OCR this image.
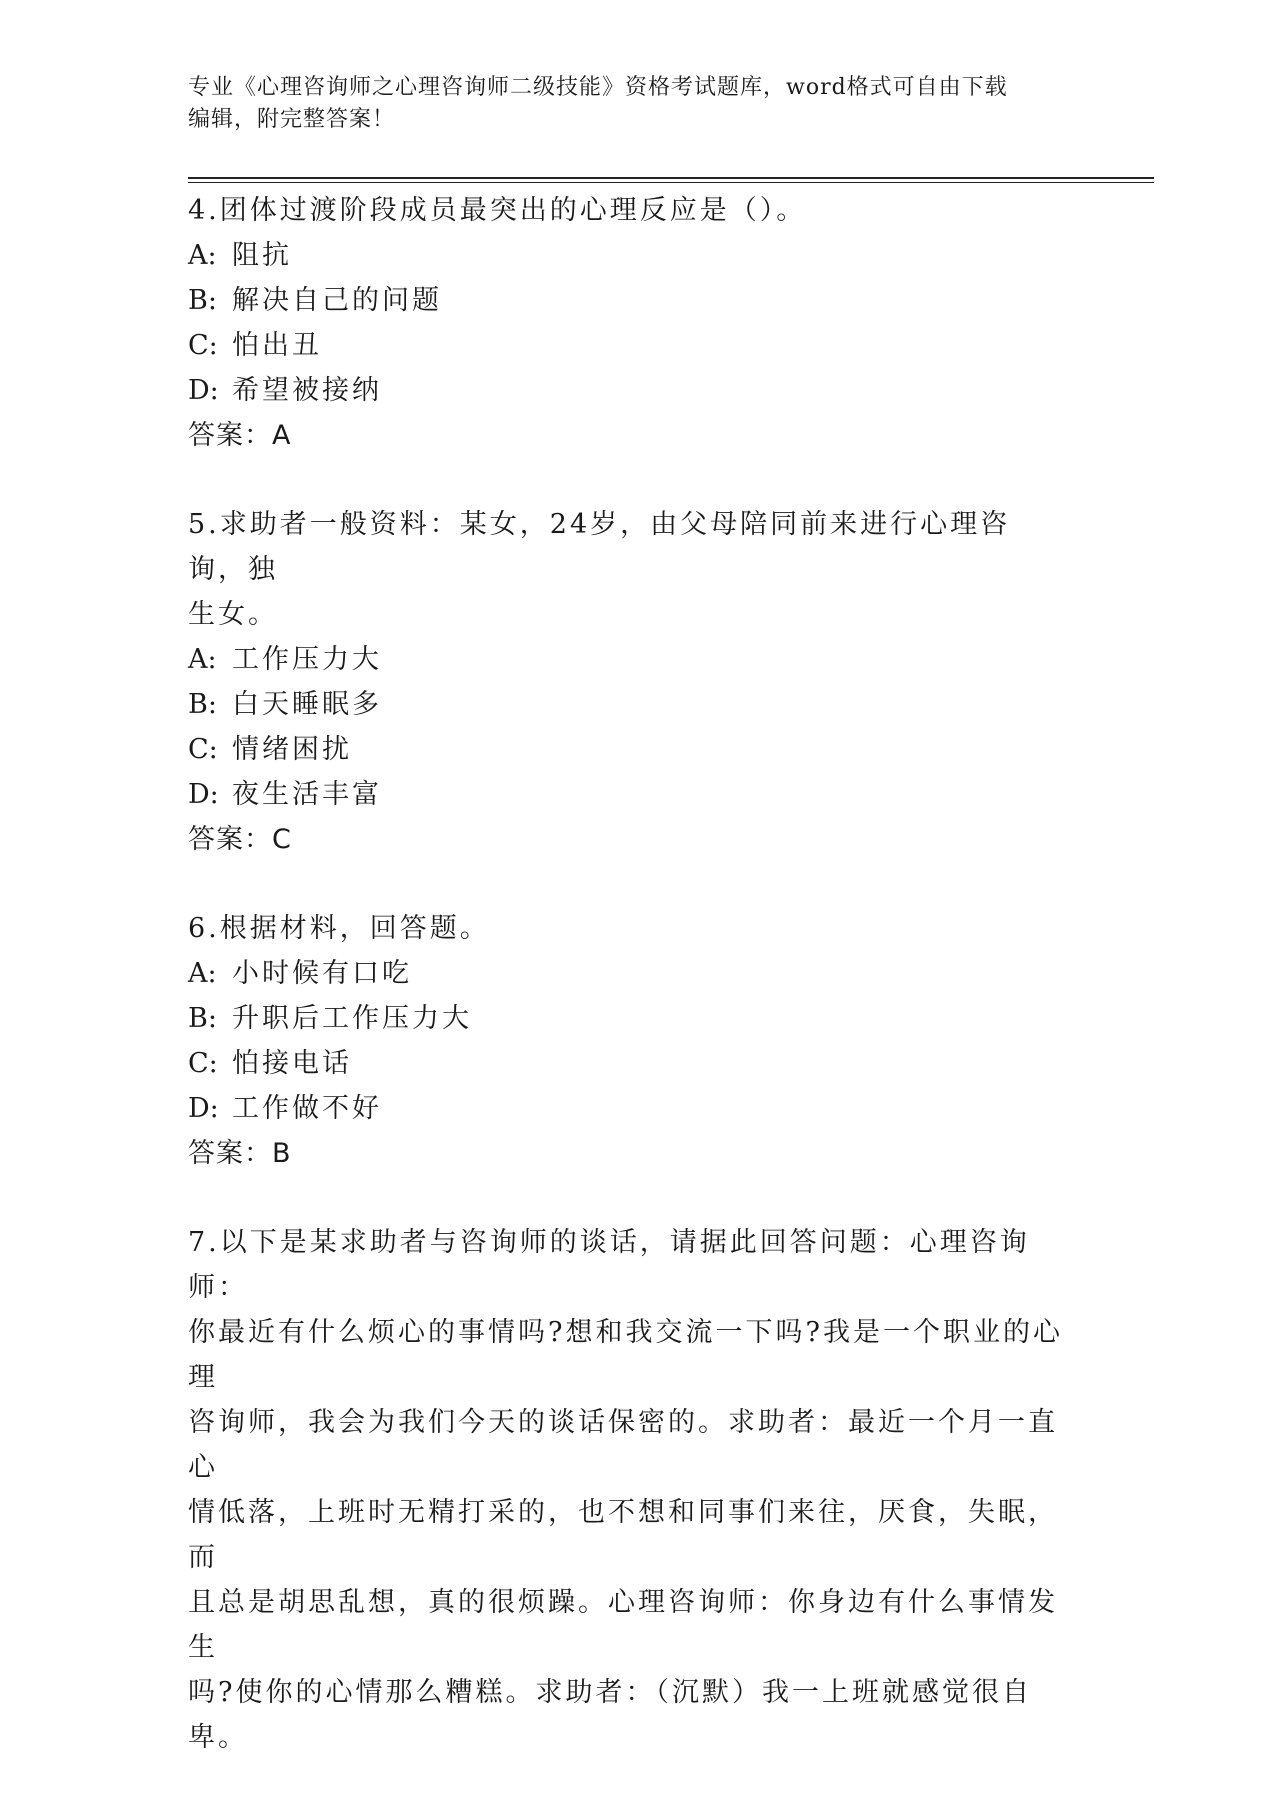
专业《心理咨询师之心理咨询师二级技能》资格考试题库，word格式可自由下载
编辑，附完整答案！

4.团体过渡阶段成员最突出的心理反应是（）。

A: 阻抗

B: 解决自己的问题

C: 怕出丑

D: 希望被接纳

答案：A

5.求助者一般资料：某女，24岁，由父母陪同前来进行心理咨询，独

生女。

A: 工作压力大

B: 白天睡眠多

C: 情绪困扰

D: 夜生活丰富

答案：C

6.根据材料，回答题。

A: 小时候有口吃

B: 升职后工作压力大

C: 怕接电话

D: 工作做不好

答案：B

7.以下是某求助者与咨询师的谈话，请据此回答问题：心理咨询师：

你最近有什么烦心的事情吗?想和我交流一下吗?我是一个职业的心理

咨询师，我会为我们今天的谈话保密的。求助者：最近一个月一直心

情低落，上班时无精打采的，也不想和同事们来往，厌食，失眠，而

且总是胡思乱想，真的很烦躁。心理咨询师：你身边有什么事情发生

吗?使你的心情那么糟糕。求助者：（沉默）我一上班就感觉很自卑。
